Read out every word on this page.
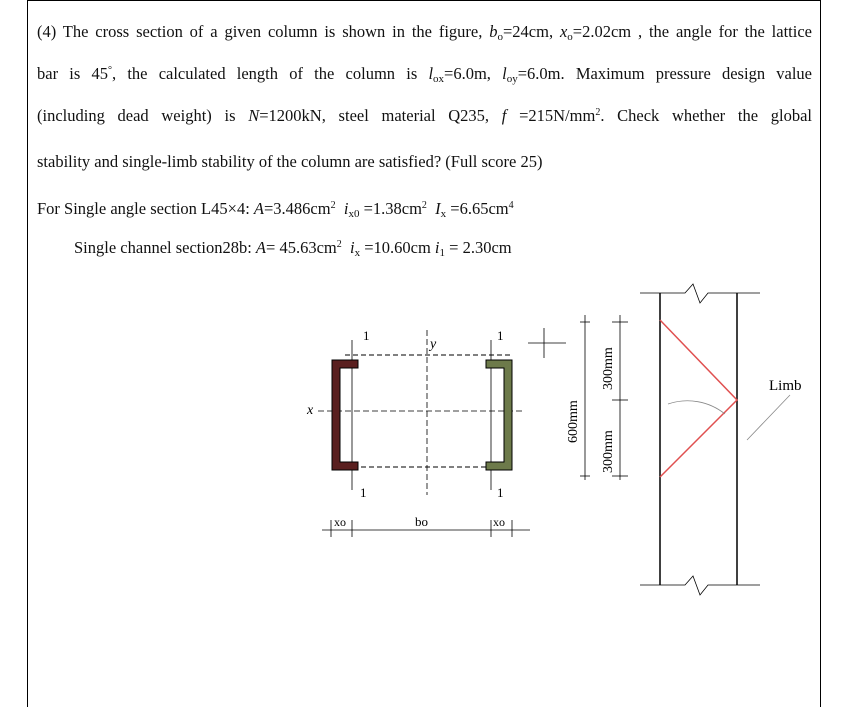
(4) The cross section of a given column is shown in the figure, $b_o=24cm$, $x_o=2.02cm$ , the angle for the lattice
bar is 45°, the calculated length of the column is $l_{ox}=6.0m$, $l_{oy}=6.0m$. Maximum pressure design value
(including dead weight) is N=1200kN, steel material Q235, $f =215N/mm^2$. Check whether the global
stability and single-limb stability of the column are satisfied? (Full score 25)
For Single angle section L45×4: $A=3.486cm^2$ $i_{x0} =1.38cm^2$ $I_x =6.65cm^4$
Single channel section28b: $A= 45.63cm^2$ $i_x =10.60cm$ $i_1 = 2.30cm$
1	1
1	1
y
x
xo	bo	xo
600mm
300mm
300mm
Limb
